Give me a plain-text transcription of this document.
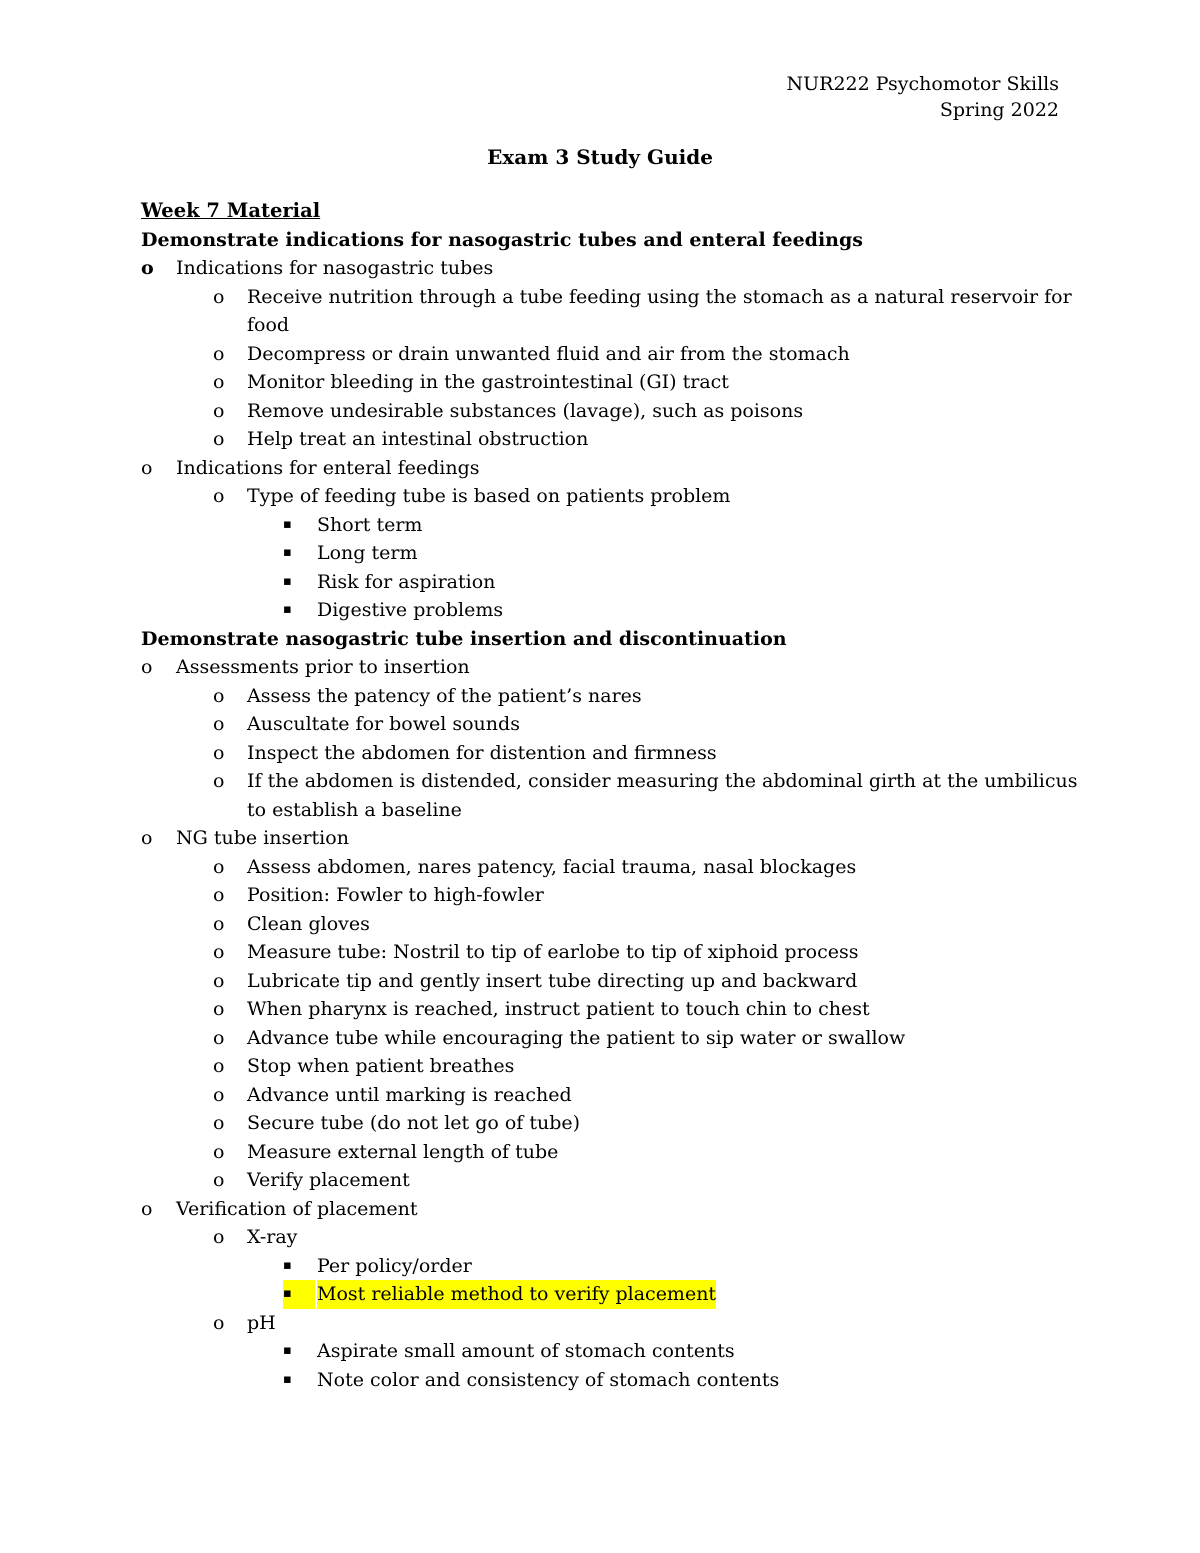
NUR222 Psychomotor Skills
Spring 2022
Exam 3 Study Guide
Week 7 Material
Demonstrate indications for nasogastric tubes and enteral feedings
o Indications for nasogastric tubes
o Receive nutrition through a tube feeding using the stomach as a natural reservoir for
food
o Decompress or drain unwanted fluid and air from the stomach
o Monitor bleeding in the gastrointestinal (GI) tract
o Remove undesirable substances (lavage), such as poisons
o Help treat an intestinal obstruction
o Indications for enteral feedings
o Type of feeding tube is based on patients problem
▪ Short term
▪ Long term
▪ Risk for aspiration
▪ Digestive problems
Demonstrate nasogastric tube insertion and discontinuation
o Assessments prior to insertion
o Assess the patency of the patient’s nares
o Auscultate for bowel sounds
o Inspect the abdomen for distention and firmness
o If the abdomen is distended, consider measuring the abdominal girth at the umbilicus
to establish a baseline
o NG tube insertion
o Assess abdomen, nares patency, facial trauma, nasal blockages
o Position: Fowler to high-fowler
o Clean gloves
o Measure tube: Nostril to tip of earlobe to tip of xiphoid process
o Lubricate tip and gently insert tube directing up and backward
o When pharynx is reached, instruct patient to touch chin to chest
o Advance tube while encouraging the patient to sip water or swallow
o Stop when patient breathes
o Advance until marking is reached
o Secure tube (do not let go of tube)
o Measure external length of tube
o Verify placement
o Verification of placement
o X-ray
▪ Per policy/order
▪	Most reliable method to verify placement
o pH
▪ Aspirate small amount of stomach contents
▪ Note color and consistency of stomach contents
